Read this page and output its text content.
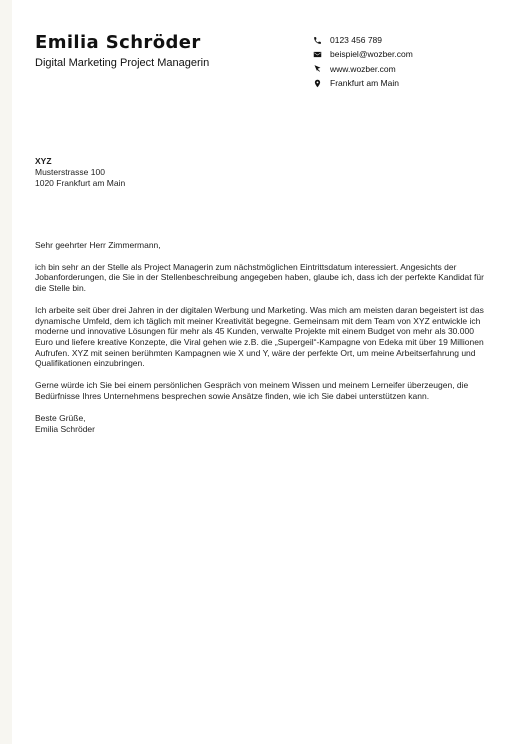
Emilia Schröder
Digital Marketing Project Managerin
0123 456 789
beispiel@wozber.com
www.wozber.com
Frankfurt am Main
XYZ
Musterstrasse 100
1020 Frankfurt am Main

Sehr geehrter Herr Zimmermann,

ich bin sehr an der Stelle als Project Managerin zum nächstmöglichen Eintrittsdatum interessiert. Angesichts der Jobanforderungen, die Sie in der Stellenbeschreibung angegeben haben, glaube ich, dass ich der perfekte Kandidat für die Stelle bin.

Ich arbeite seit über drei Jahren in der digitalen Werbung und Marketing. Was mich am meisten daran begeistert ist das dynamische Umfeld, dem ich täglich mit meiner Kreativität begegne. Gemeinsam mit dem Team von XYZ entwickle ich moderne und innovative Lösungen für mehr als 45 Kunden, verwalte Projekte mit einem Budget von mehr als 30.000 Euro und liefere kreative Konzepte, die Viral gehen wie z.B. die „Supergeil“-Kampagne von Edeka mit über 19 Millionen Aufrufen. XYZ mit seinen berühmten Kampagnen wie X und Y, wäre der perfekte Ort, um meine Arbeitserfahrung und Qualifikationen einzubringen.

Gerne würde ich Sie bei einem persönlichen Gespräch von meinem Wissen und meinem Lerneifer überzeugen, die Bedürfnisse Ihres Unternehmens besprechen sowie Ansätze finden, wie ich Sie dabei unterstützen kann.

Beste Grüße,
Emilia Schröder
